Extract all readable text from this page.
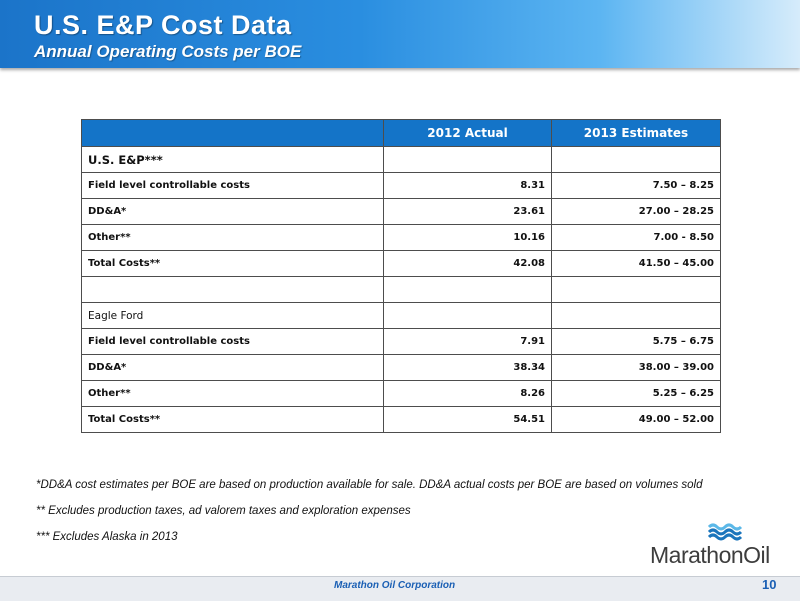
U.S. E&P Cost Data
Annual Operating Costs per BOE
	2012 Actual	2013 Estimates
U.S. E&P***		
Field level controllable costs	8.31	7.50 – 8.25
DD&A*	23.61	27.00 – 28.25
Other**	10.16	7.00 - 8.50
Total Costs**	42.08	41.50 – 45.00

Eagle Ford		
Field level controllable costs	7.91	5.75 – 6.75
DD&A*	38.34	38.00 – 39.00
Other**	8.26	5.25 – 6.25
Total Costs**	54.51	49.00 – 52.00

*DD&A cost estimates per BOE are based on production available for sale. DD&A actual costs per BOE are based on volumes sold

** Excludes production taxes, ad valorem taxes and exploration expenses

*** Excludes Alaska in 2013

MarathonOil
Marathon Oil Corporation	10
